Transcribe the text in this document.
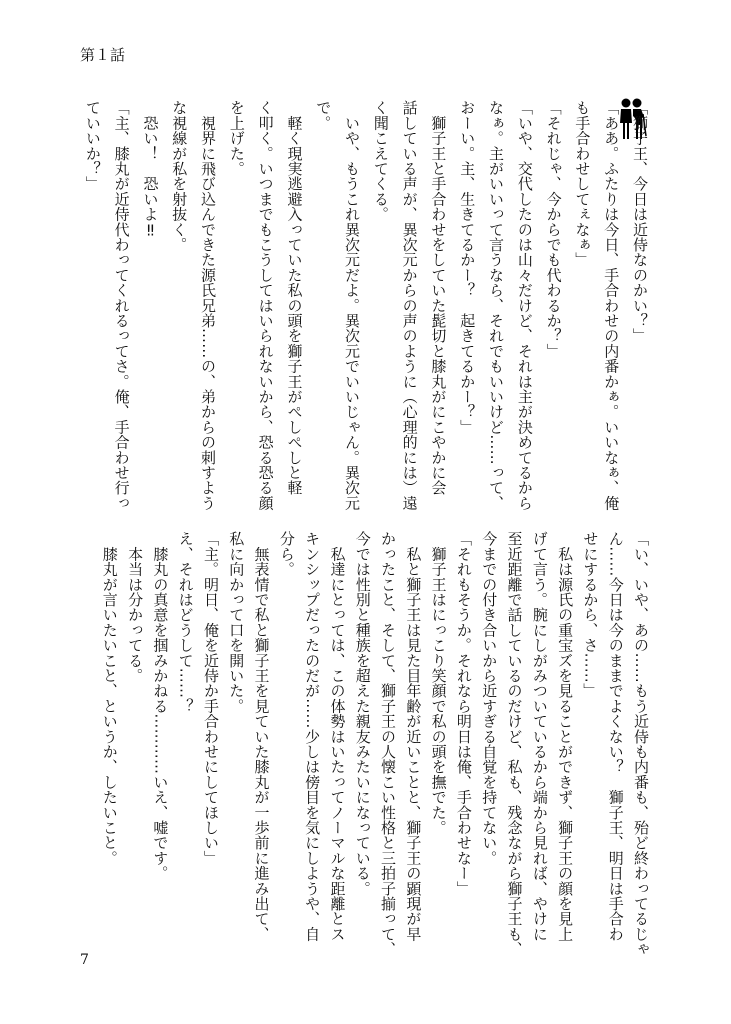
第１話
「獅子王、今日は近侍なのかい？」
「ああ。ふたりは今日、手合わせの内番かぁ。いいなぁ、俺
も手合わせしてぇなぁ」
「それじゃ、今からでも代わるか？」
「いや、交代したのは山々だけど、それは主が決めてるから
なぁ。主がいいって言うなら、それでもいいけど……って、
おーい。主、生きてるかー？　起きてるかー？」
　獅子王と手合わせをしていた髭切と膝丸がにこやかに会
話している声が、異次元からの声のように（心理的には）遠
く聞こえてくる。
　いや、もうこれ異次元だよ。異次元でいいじゃん。異次元
で。
　軽く現実逃避入っていた私の頭を獅子王がぺしぺしと軽
く叩く。いつまでもこうしてはいられないから、恐る恐る顔
を上げた。
　視界に飛び込んできた源氏兄弟……の、弟からの刺すよう
な視線が私を射抜く。
　恐い！　恐いよ‼
「主、膝丸が近侍代わってくれるってさ。俺、手合わせ行っ
ていいか？」
「い、いや、あの……もう近侍も内番も、殆ど終わってるじゃ
ん……今日は今のままでよくない？　獅子王、明日は手合わ
せにするから、さ……」
　私は源氏の重宝ズを見ることができず、獅子王の顔を見上
げて言う。腕にしがみついているから端から見れば、やけに
至近距離で話しているのだけど、私も、残念ながら獅子王も、
今までの付き合いから近すぎる自覚を持てない。
「それもそうか。それなら明日は俺、手合わせなー」
　獅子王はにっこり笑顔で私の頭を撫でた。
　私と獅子王は見た目年齢が近いことと、獅子王の顕現が早
かったこと、そして、獅子王の人懐こい性格と三拍子揃って、
今では性別と種族を超えた親友みたいになっている。
　私達にとっては、この体勢はいたってノーマルな距離とス
キンシップだったのだが……少しは傍目を気にしようや、自
分ら。
　無表情で私と獅子王を見ていた膝丸が一歩前に進み出て、
私に向かって口を開いた。
「主。明日、俺を近侍か手合わせにしてほしい」
え、それはどうして……？
　膝丸の真意を掴みかねる…………いえ、嘘です。
　本当は分かってる。
　膝丸が言いたいこと、というか、したいこと。
7
